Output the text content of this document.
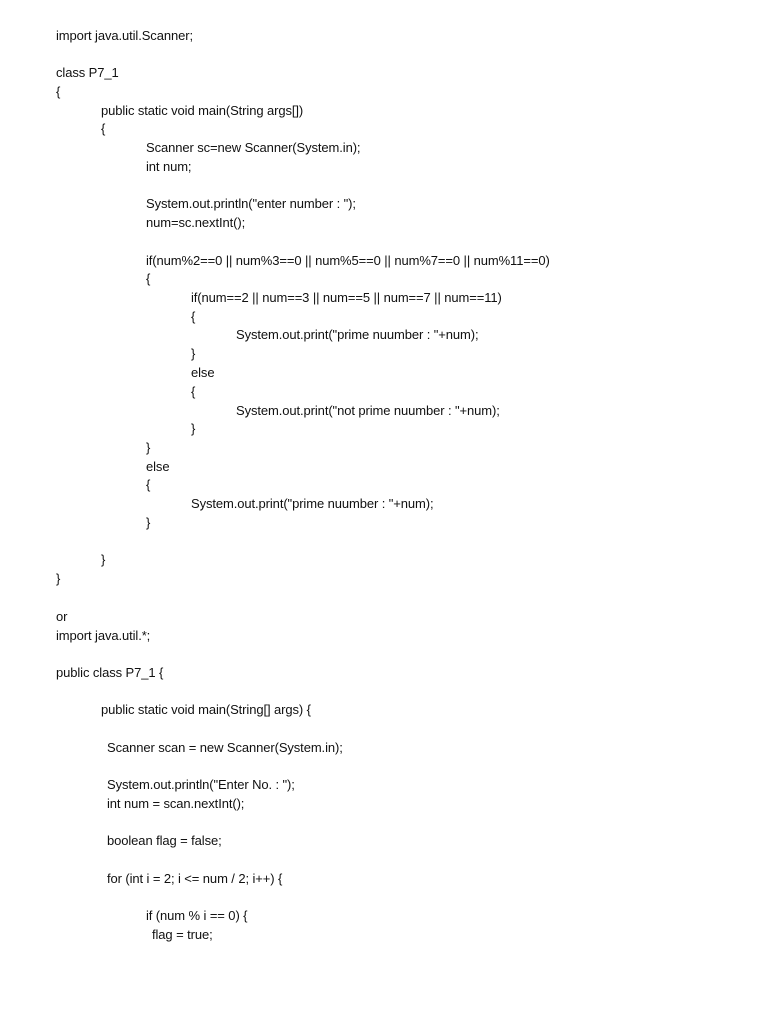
import java.util.Scanner;
class P7_1
{
public static void main(String args[])
{
Scanner sc=new Scanner(System.in);
int num;
System.out.println("enter number : ");
num=sc.nextInt();
if(num%2==0 || num%3==0 || num%5==0 || num%7==0 || num%11==0)
{
if(num==2 || num==3 || num==5 || num==7 || num==11)
{
System.out.print("prime nuumber : "+num);
}
else
{
System.out.print("not prime nuumber : "+num);
}
}
else
{
System.out.print("prime nuumber : "+num);
}
}
}
or
import java.util.*;
public class P7_1 {
public static void main(String[] args) {
Scanner scan = new Scanner(System.in);
System.out.println("Enter No. : ");
int num = scan.nextInt();
boolean flag = false;
for (int i = 2; i <= num / 2; i++) {
if (num % i == 0) {
flag = true;
